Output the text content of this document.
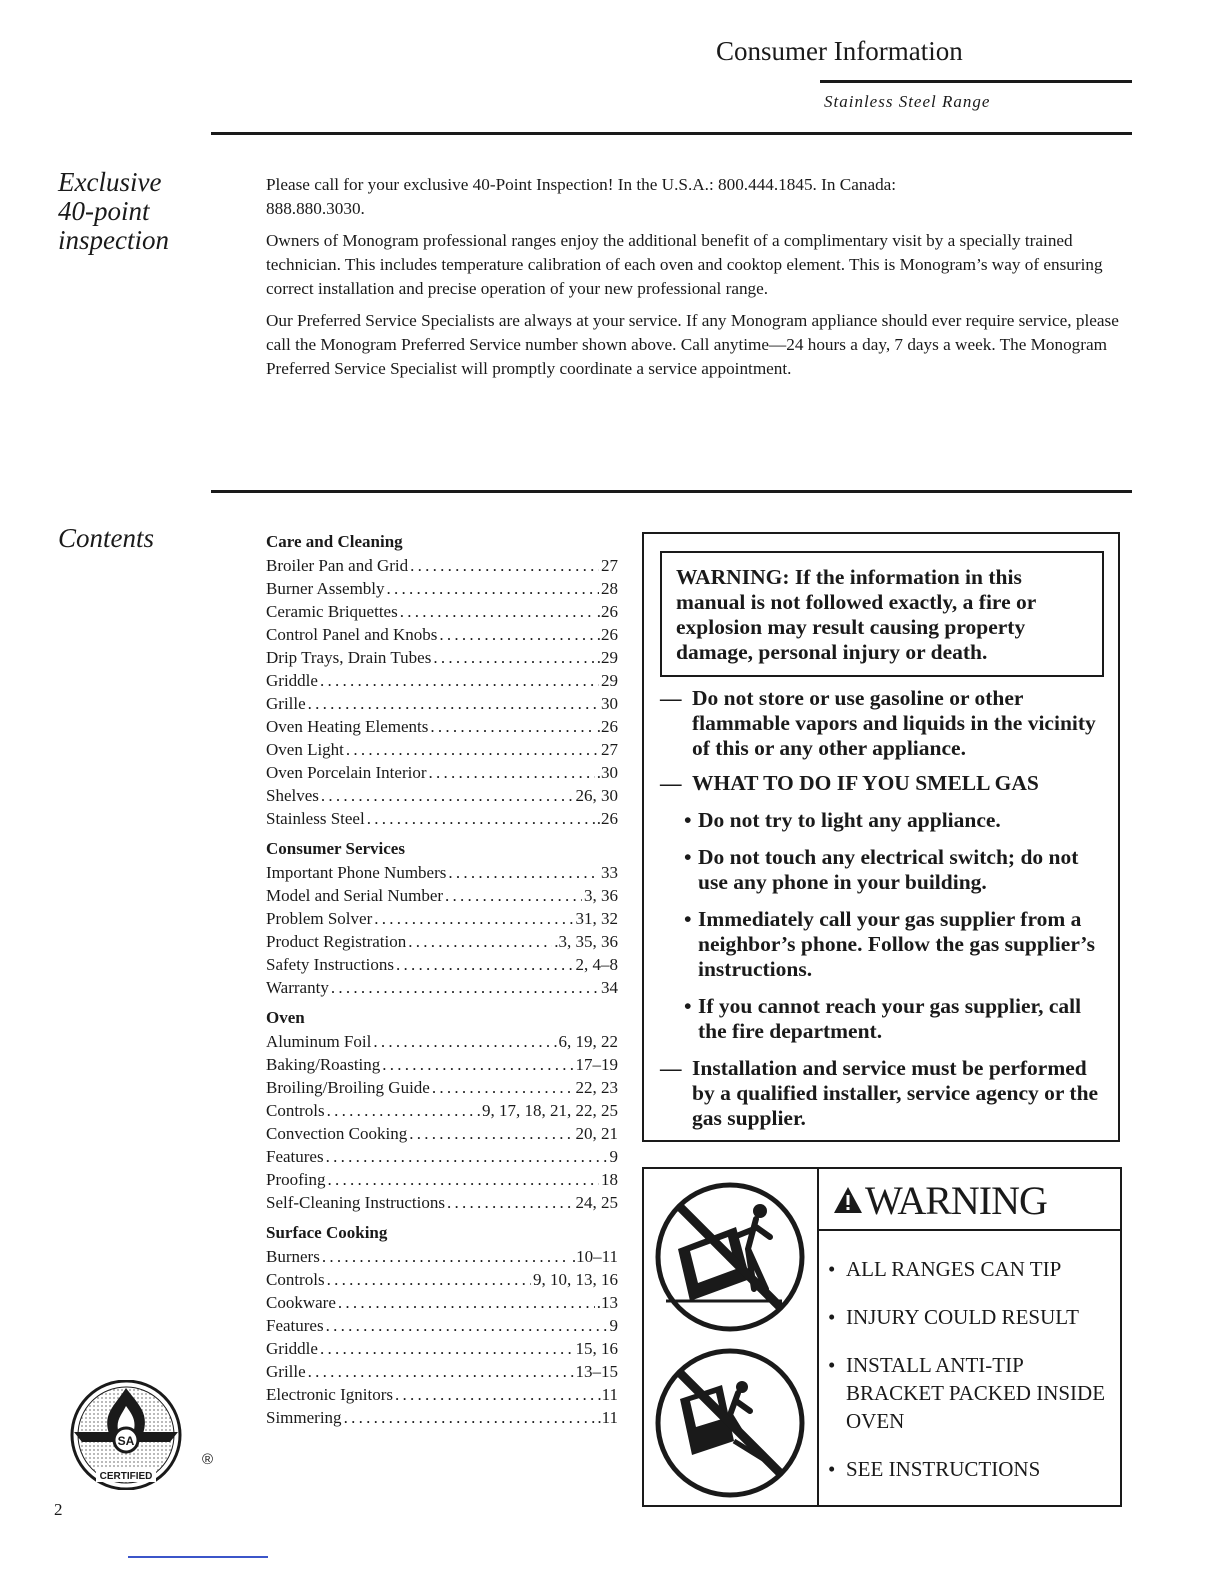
Consumer Information
Stainless Steel Range
Exclusive
40-point
inspection

Please call for your exclusive 40-Point Inspection! In the U.S.A.: 800.444.1845. In Canada: 888.880.3030.

Owners of Monogram professional ranges enjoy the additional benefit of a complimentary visit by a specially trained technician. This includes temperature calibration of each oven and cooktop element. This is Monogram’s way of ensuring correct installation and precise operation of your new professional range.

Our Preferred Service Specialists are always at your service. If any Monogram appliance should ever require service, please call the Monogram Preferred Service number shown above. Call anytime—24 hours a day, 7 days a week. The Monogram Preferred Service Specialist will promptly coordinate a service appointment.

Contents	Care and Cleaning
Broiler Pan and Grid . . .	27
Burner Assembly . . .	28
Ceramic Briquettes . . .	.26
Control Panel and Knobs . . .	.26
Drip Trays, Drain Tubes . . .	.29
Griddle . . .	29
Grille . . .	30
Oven Heating Elements . . .	.26
Oven Light . . .	27
Oven Porcelain Interior . . .	.30
Shelves . . .	26, 30
Stainless Steel . . .	.26
Consumer Services
Important Phone Numbers . . .	33
Model and Serial Number . . .	3, 36
Problem Solver . . .	31, 32
Product Registration . . .	.3, 35, 36
Safety Instructions . . .	2, 4–8
Warranty . . .	34
Oven
Aluminum Foil . . .	6, 19, 22
Baking/Roasting . . .	17–19
Broiling/Broiling Guide . . .	22, 23
Controls . . .	9, 17, 18, 21, 22, 25
Convection Cooking . . .	20, 21
Features . . .	9
Proofing . . .	18
Self-Cleaning Instructions . . .	24, 25
Surface Cooking
Burners . . .	.10–11
Controls . . .	9, 10, 13, 16
Cookware . . .	.13
Features . . .	9
Griddle . . .	15, 16
Grille . . .	13–15
Electronic Ignitors . . .	.11
Simmering . . .	.11
WARNING: If the information in this manual is not followed exactly, a fire or explosion may result causing property damage, personal injury or death.
— Do not store or use gasoline or other flammable vapors and liquids in the vicinity of this or any other appliance.
— WHAT TO DO IF YOU SMELL GAS
• Do not try to light any appliance.
• Do not touch any electrical switch; do not use any phone in your building.
• Immediately call your gas supplier from a neighbor’s phone. Follow the gas supplier’s instructions.
• If you cannot reach your gas supplier, call the fire department.
— Installation and service must be performed by a qualified installer, service agency or the gas supplier.
WARNING
• ALL RANGES CAN TIP
• INJURY COULD RESULT
• INSTALL ANTI-TIP BRACKET PACKED INSIDE OVEN
• SEE INSTRUCTIONS
SA
CERTIFIED
®
2
